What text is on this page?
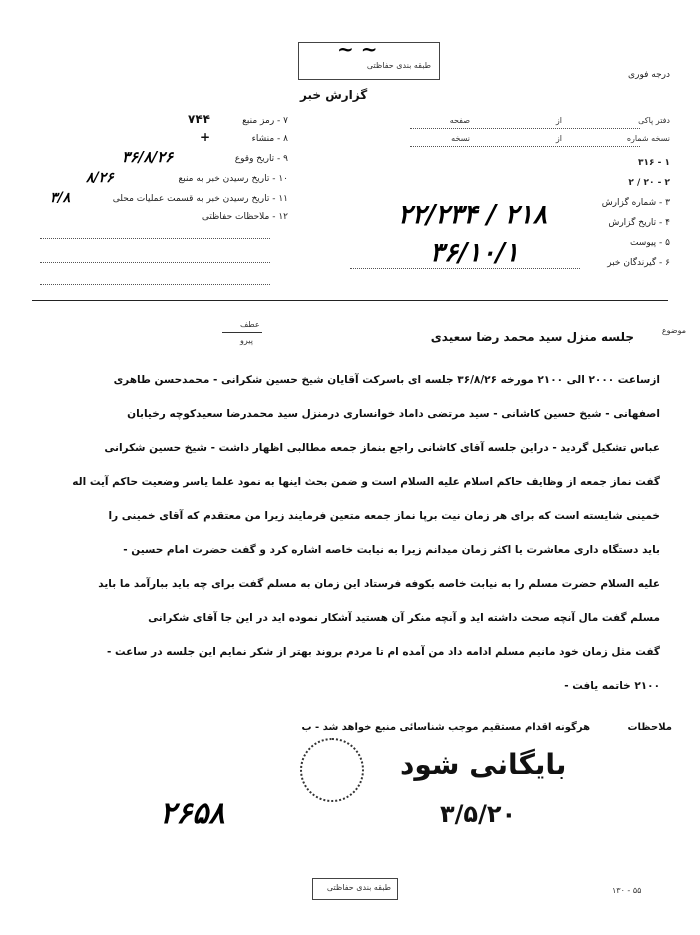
درجه فوری
~ ~
طبقه بندی حفاظتی
گزارش خبر
دفتر پاکی
از
صفحه
نسخه شماره
از
نسخه
۱ - ۳۱۶
۲ - ۲۰ / ۲
۳ - شماره گزارش
۴ - تاریخ گزارش
۵ - پیوست
۶ - گیرندگان خبر
۷ - رمز منبع
۷۴۴
۸ - منشاء
+
۹ - تاریخ وقوع
۳۶/۸/۲۶
۱۰ - تاریخ رسیدن خبر به منبع
۸/۲۶
۱۱ - تاریخ رسیدن خبر به قسمت عملیات محلی
۳/۸
۱۲ - ملاحظات حفاظتی	۲۲/۲۳۴ / ۲۱۸
۳۶/۱۰/۱
موضوع
جلسه منزل سید محمد رضا سعیدی
عطف
پیرو
ازساعت ۲۰۰۰ الی ۲۱۰۰ مورخه ۳۶/۸/۲۶ جلسه ای باسرکت آقایان شیخ حسین شکرانی - محمدحسن طاهری
اصفهانی - شیخ حسین کاشانی - سید مرتضی داماد خوانساری درمنزل سید محمدرضا سعیدکوچه رخیابان
عباس تشکیل گردید - دراین جلسه آقای کاشانی راجع بنماز جمعه مطالبی اظهار داشت - شیخ حسین شکرانی
گفت نماز جمعه از وظایف حاکم اسلام علیه السلام است و ضمن بحث اینها به نمود علما یاسر وضعیت حاکم آیت اله
خمینی شایسته است که برای هر زمان نیت برپا نماز جمعه متعین فرمایند زیرا من معتقدم که آقای خمینی را
باید دستگاه داری معاشرت یا اکثر زمان میدانم زیرا به نیابت خاصه اشاره کرد و گفت حضرت امام حسین -
علیه السلام حضرت مسلم را به نیابت خاصه بکوفه فرستاد این زمان به مسلم گفت برای چه باید ببارآمد ما باید
مسلم گفت مال آنچه صحت داشته اید و آنچه منکر آن هستید آشکار نموده اید در این جا آقای شکرانی
گفت مثل زمان خود مانیم مسلم ادامه داد من آمده ام تا مردم بروند بهتر از شکر نمایم این جلسه در ساعت -
۲۱۰۰ خاتمه یافت -
ملاحظات
هرگونه اقدام مستقیم موجب شناسائی منبع خواهد شد - ب
بایگانی شود
۳/۵/۲۰
۲۶۵۸
طبقه بندی حفاظتی	۱۳۰ - ۵۵
